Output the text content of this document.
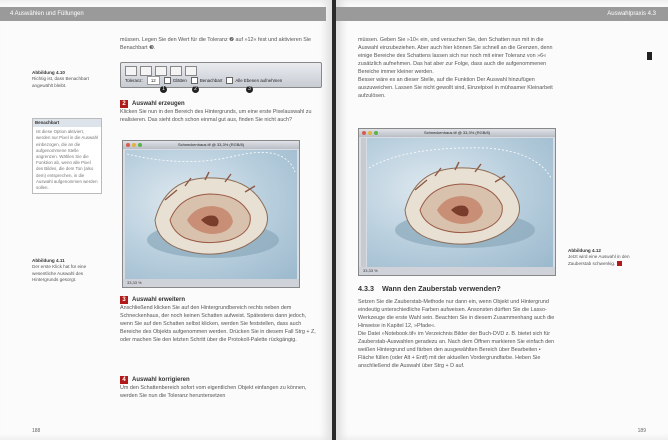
4 Auswählen und Füllungen
müssen. Legen Sie den Wert für die Toleranz ❷ auf »12« fest und aktivieren Sie Benachbart ❸.
Abbildung 4.10
Richtig ist, dass Benachbart angewählt bleibt.
Benachbart
Ist diese Option aktiviert, werden nur Pixel in die Auswahl einbezogen, die an die aufgenommene Stelle angrenzen. Wählen Sie die Funktion ab, wenn alle Pixel des Bildes, die dem Ton (also dem) entsprechen, in die Auswahl aufgenommen werden sollen.
Toleranz:	12	Glätten	Benachbart	Alle Ebenen aufnehmen
1	2	3
2	Auswahl erzeugen
Klicken Sie nun in den Bereich des Hintergrunds, um eine erste Pixelauswahl zu realisieren. Das sieht doch schon einmal gut aus, finden Sie nicht auch?
Schneckenhaus.tif @ 33,3% (RGB/8)
33,33 %
Abbildung 4.11
Der erste Klick hat für eine wesentliche Auswahl des Hintergrunds gesorgt.
3	Auswahl erweitern
Anschließend klicken Sie auf den Hintergrundbereich rechts neben dem Schneckenhaus, der noch keinen Schatten aufweist. Spätestens dann jedoch, wenn Sie auf den Schatten selbst klicken, werden Sie feststellen, dass auch Bereiche des Objekts aufgenommen werden. Drücken Sie in diesem Fall Strg + Z, oder machen Sie den letzten Schritt über die Protokoll-Palette rückgängig.
4	Auswahl korrigieren
Um den Schattenbereich sofort vom eigentlichen Objekt einfangen zu können, werden Sie nun die Toleranz heruntersetzen
188
Auswahlpraxis 4.3
müssen. Geben Sie »10« ein, und versuchen Sie, den Schatten nun mit in die Auswahl einzubeziehen. Aber auch hier können Sie schnell an die Grenzen, denn einige Bereiche des Schattens lassen sich nur noch mit einer Toleranz von »6« zusätzlich aufnehmen. Das hat aber zur Folge, dass auch die aufgenommenen Bereiche immer kleiner werden.
Besser wäre es an dieser Stelle, auf die Funktion Der Auswahl hinzufügen auszuweichen. Lassen Sie nicht gewollt sind, Einzelpixel in mühsamer Kleinarbeit aufzulösen.
Schneckenhaus.tif @ 33,3% (RGB/8)
33,33 %
Abbildung 4.12
Jetzt wird eine Auswahl in den Zauberstab schwenkig.
4.3.3 Wann den Zauberstab verwenden?
Setzen Sie die Zauberstab-Methode nur dann ein, wenn Objekt und Hintergrund eindeutig unterschiedliche Farben aufweisen. Ansonsten dürften Sie die Lasso-Werkzeuge die erste Wahl sein. Beachten Sie in diesem Zusammenhang auch die Hinweise in Kapitel 12, »Pfade«.
Die Datei »Notebook.tif« im Verzeichnis Bilder der Buch-DVD z. B. bietet sich für Zauberstab-Auswahlen geradezu an. Nach dem Öffnen markieren Sie einfach den weißen Hintergrund und färben den ausgewählten Bereich über Bearbeiten • Fläche füllen (oder Alt + Entf) mit der aktuellen Vordergrundfarbe. Heben Sie anschließend die Auswahl über Strg + D auf.
189
